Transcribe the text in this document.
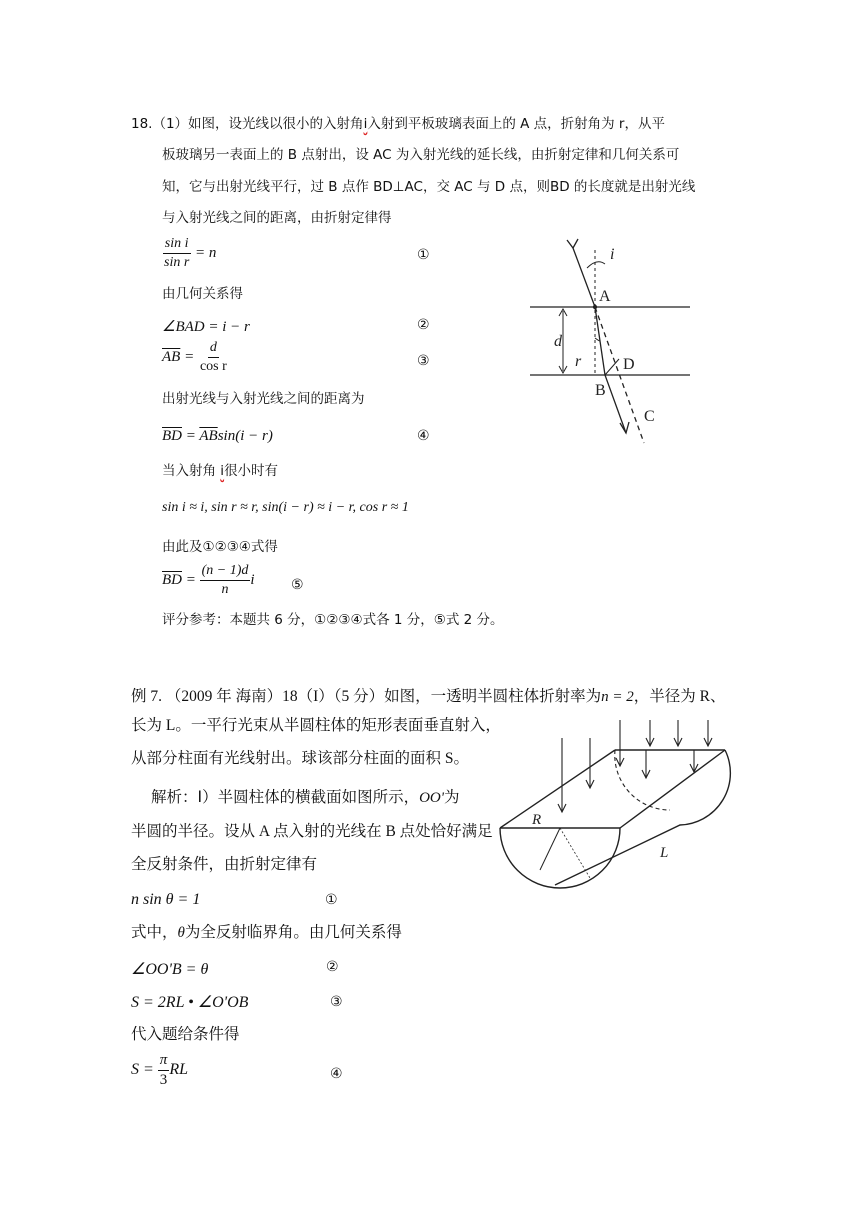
18.（1）如图，设光线以很小的入射角i入射到平板玻璃表面上的 A 点，折射角为 r，从平
板玻璃另一表面上的 B 点射出，设 AC 为入射光线的延长线，由折射定律和几何关系可
知，它与出射光线平行，过 B 点作 BD⊥AC，交 AC 与 D 点，则BD 的长度就是出射光线
与入射光线之间的距离，由折射定律得
$\frac{\text{sin i}}{\text{sin r}} = n$	①
由几何关系得
∠BAD = i − r	②
$\overline{AB} = \frac{d}{\text{cos r}}$	③
出射光线与入射光线之间的距离为
$\overline{BD} = \overline{AB}\sin(i - r)$	④
当入射角 i很小时有
sin i ≈ i, sin r ≈ r, sin(i − r) ≈ i − r, cos r ≈ 1
由此及①②③④式得
$\overline{BD} = \frac{(n - 1)d}{n}$ i	⑤
评分参考：本题共 6 分，①②③④式各 1 分，⑤式 2 分。
i
A
d
D
r
B
C
例 7. （2009 年 海南）18（I）（5 分）如图，一透明半圆柱体折射率为n = 2，半径为 R、
长为 L。一平行光束从半圆柱体的矩形表面垂直射入，
从部分柱面有光线射出。球该部分柱面的面积 S。
解析：Ⅰ）半圆柱体的横截面如图所示，OO'为
半圆的半径。设从 A 点入射的光线在 B 点处恰好满足
全反射条件，由折射定律有
n sin θ = 1	①
式中，θ为全反射临界角。由几何关系得
∠OO'B = θ	②
S = 2RL • ∠O'OB	③
代入题给条件得
$S = \frac{\pi}{3}$ RL	④
R
L
